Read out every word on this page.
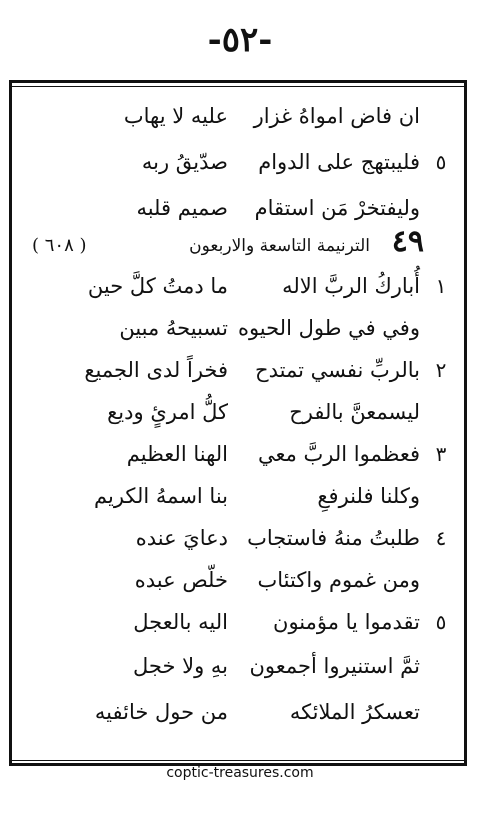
-٥٢-
ان فاض امواهُ غزار
عليه لا يهاب
٥
فليبتهج على الدوام
صدّيقُ ربه
وليفتخرْ مَن استقام
صميم قلبه
٤٩
الترنيمة التاسعة والاربعون
( ٦٠٨ )
١
أُباركُ الربَّ الاله
ما دمتُ كلَّ حين
وفي في طول الحيوه
تسبيحهُ مبين
٢
بالربِّ نفسي تمتدح
فخراً لدى الجميع
ليسمعنَّ بالفرح
كلُّ امرئٍ وديع
٣
فعظموا الربَّ معي
الهنا العظيم
وكلنا فلنرفعِ
بنا اسمهُ الكريم
٤
طلبتُ منهُ فاستجاب
دعايَ عنده
ومن غموم واكتئاب
خلّص عبده
٥
تقدموا يا مؤمنون
اليه بالعجل
ثمَّ استنيروا أجمعون
بهِ ولا خجل
تعسكرُ الملائكه
من حول خائفيه
coptic-treasures.com
